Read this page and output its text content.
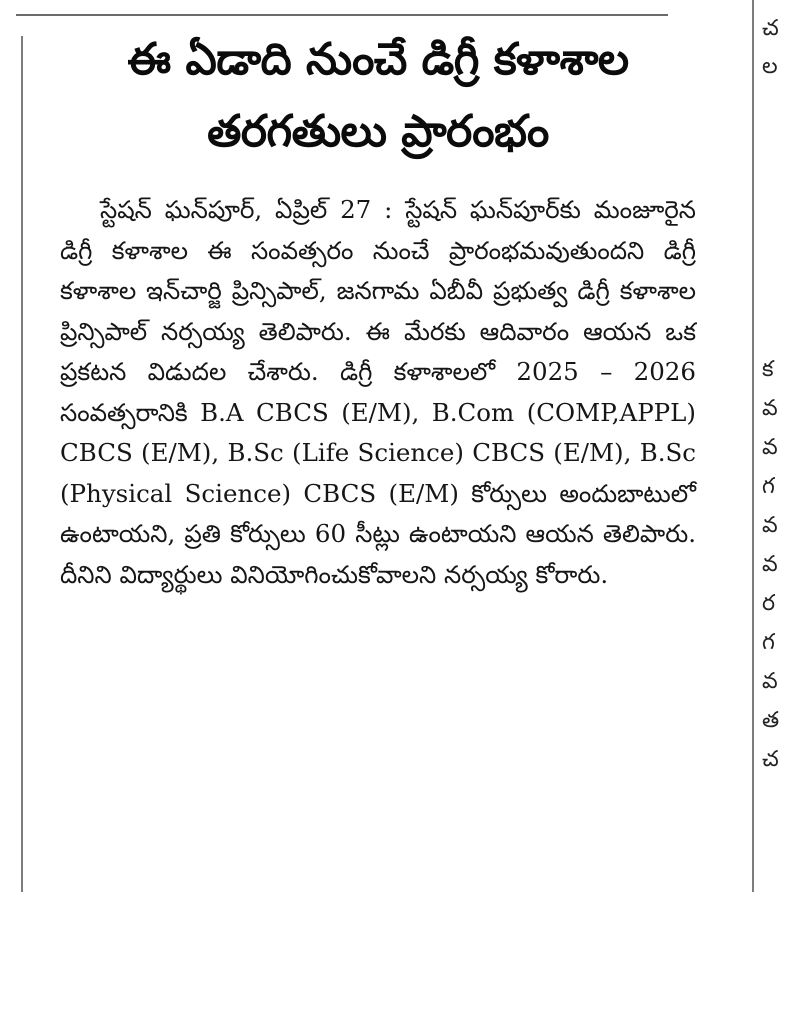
ఈ ఏడాది నుంచే డిగ్రీ కళాశాల
తరగతులు ప్రారంభం

స్టేషన్ ఘన్‌పూర్, ఏప్రిల్ 27 : స్టేషన్ ఘన్‌పూర్‌కు మంజూరైన డిగ్రీ కళాశాల ఈ సంవత్సరం నుంచే ప్రారంభమవుతుందని డిగ్రీ కళాశాల ఇన్‌చార్జి ప్రిన్సిపాల్, జనగామ ఏబీవీ ప్రభుత్వ డిగ్రీ కళాశాల ప్రిన్సిపాల్ నర్సయ్య తెలిపారు. ఈ మేరకు ఆదివారం ఆయన ఒక ప్రకటన విడుదల చేశారు. డిగ్రీ కళాశాలలో 2025 – 2026 సంవత్సరానికి B.A CBCS (E/M), B.Com (COMP,APPL) CBCS (E/M), B.Sc (Life Science) CBCS (E/M), B.Sc (Physical Science) CBCS (E/M) కోర్సులు అందుబాటులో ఉంటాయని, ప్రతి కోర్సులు 60 సీట్లు ఉంటాయని ఆయన తెలిపారు. దీనిని విద్యార్థులు వినియోగించుకోవాలని నర్సయ్య కోరారు.

చ
ల
క
వ
వ
గ
వ
వ
ర
గ
వ
త
చ
